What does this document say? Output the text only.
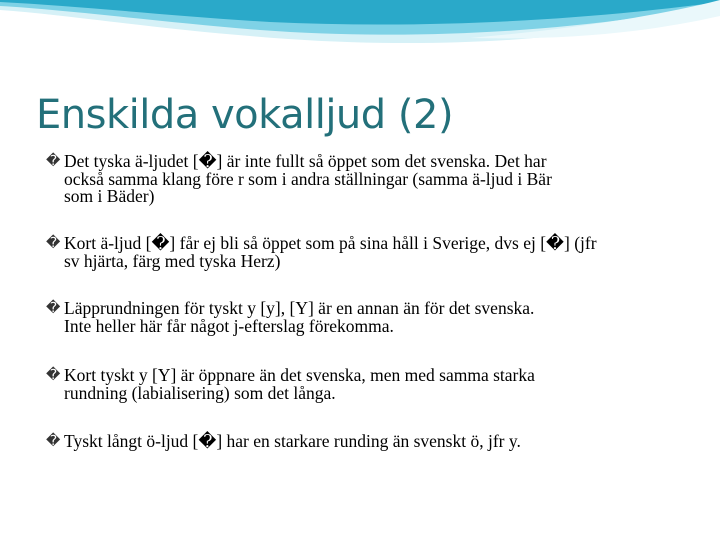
Enskilda vokalljud (2)
� Det tyska ä-ljudet [�] är inte fullt så öppet som det svenska. Det har
också samma klang före r som i andra ställningar (samma ä-ljud i Bär
som i Bäder)
� Kort ä-ljud [�] får ej bli så öppet som på sina håll i Sverige, dvs ej [�] (jfr
sv hjärta, färg med tyska Herz)
� Läpprundningen för tyskt y [y], [Y] är en annan än för det svenska.
Inte heller här får något j-efterslag förekomma.
� Kort tyskt y [Y] är öppnare än det svenska, men med samma starka
rundning (labialisering) som det långa.
� Tyskt långt ö-ljud [�] har en starkare runding än svenskt ö, jfr y.
